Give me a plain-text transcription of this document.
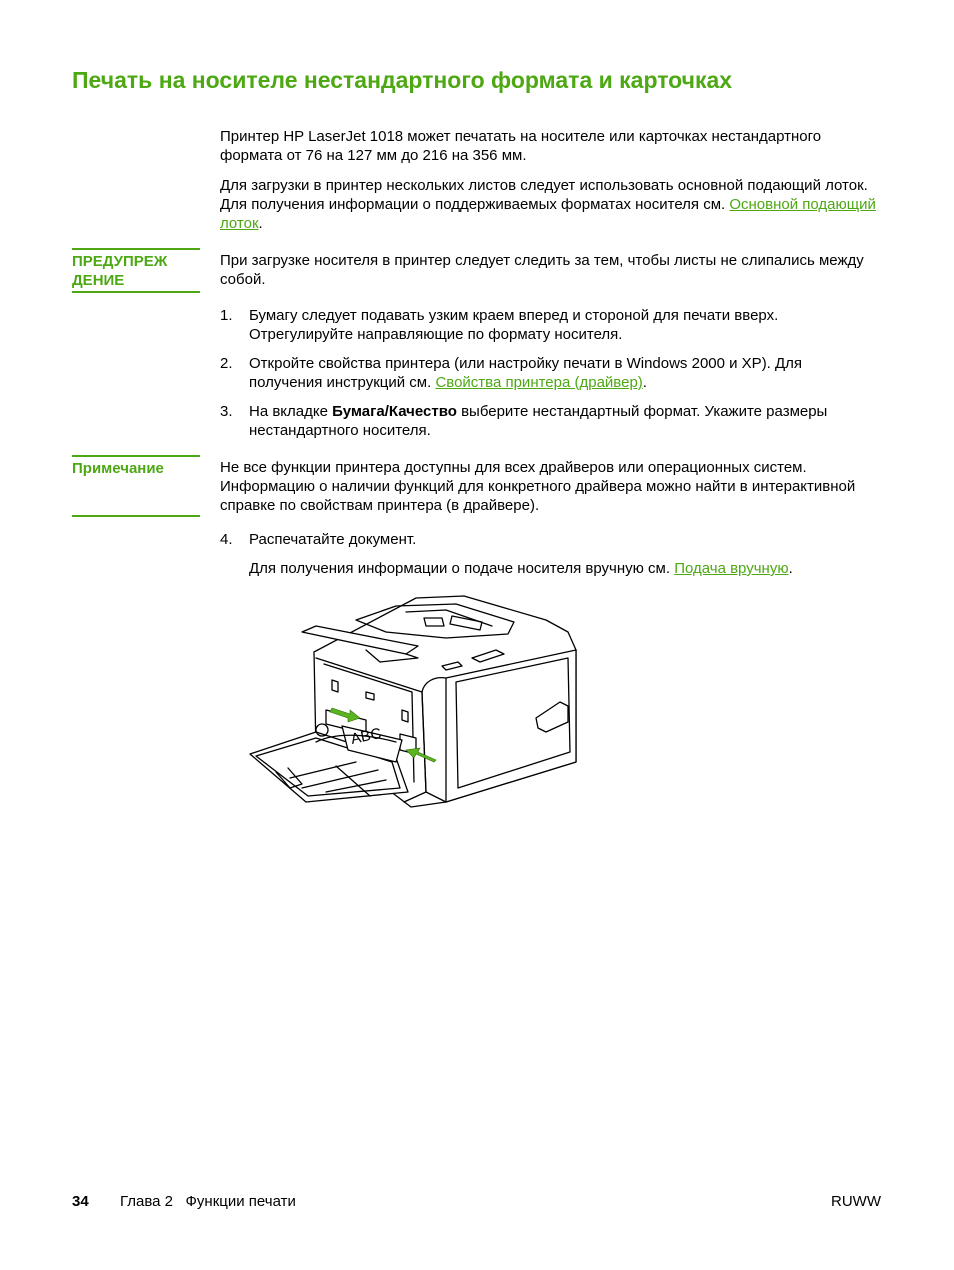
Печать на носителе нестандартного формата и карточках

Принтер HP LaserJet 1018 может печатать на носителе или карточках нестандартного формата от 76 на 127 мм до 216 на 356 мм.

Для загрузки в принтер нескольких листов следует использовать основной подающий лоток. Для получения информации о поддерживаемых форматах носителя см. Основной подающий лоток.

ПРЕДУПРЕЖ
ДЕНИЕ

При загрузке носителя в принтер следует следить за тем, чтобы листы не слипались между собой.

1.	Бумагу следует подавать узким краем вперед и стороной для печати вверх. Отрегулируйте направляющие по формату носителя.
2.	Откройте свойства принтера (или настройку печати в Windows 2000 и XP). Для получения инструкций см. Свойства принтера (драйвер).
3.	На вкладке Бумага/Качество выберите нестандартный формат. Укажите размеры нестандартного носителя.
Примечание	Не все функции принтера доступны для всех драйверов или операционных систем. Информацию о наличии функций для конкретного драйвера можно найти в интерактивной справке по свойствам принтера (в драйвере).

4.	Распечатайте документ.

Для получения информации о подаче носителя вручную см. Подача вручную.

ABC
34 Глава 2   Функции печати	RUWW
